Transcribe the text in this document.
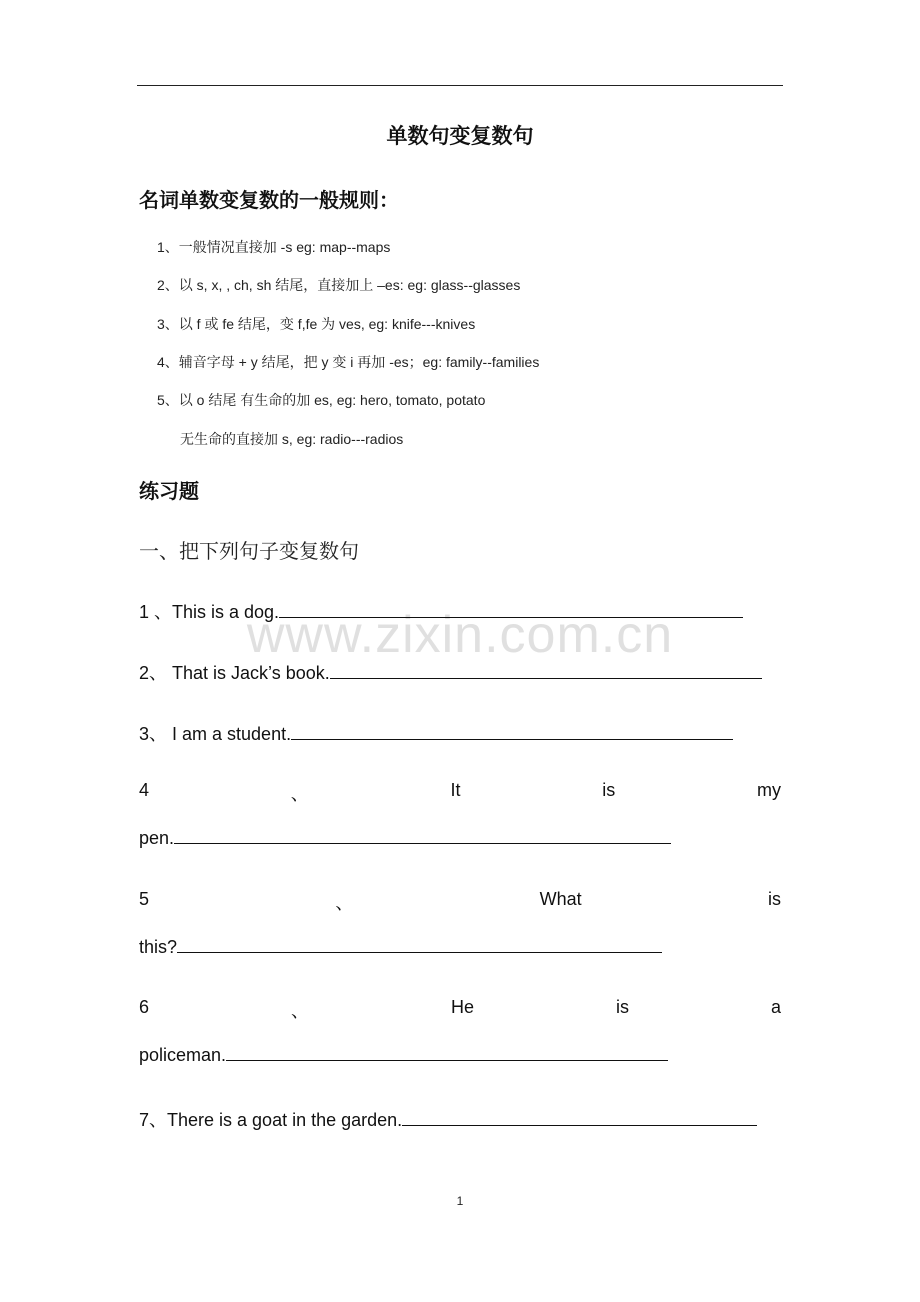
单数句变复数句
名词单数变复数的一般规则：
1、一般情况直接加 -s eg: map--maps
2、以 s, x, , ch, sh 结尾，直接加上 –es: eg: glass--glasses
3、以 f 或 fe 结尾，变 f,fe 为 ves, eg: knife---knives
4、辅音字母 + y 结尾，把 y 变 i 再加 -es；eg: family--families
5、以 o 结尾 有生命的加 es, eg: hero, tomato, potato
无生命的直接加 s, eg: radio---radios
练习题
一、把下列句子变复数句
www.zixin.com.cn
1 、This is a dog.
2、 That is Jack’s book.
3、 I am a student.
4	、	It	is	my
pen.
5	、	What	is
this?
6	、	He	is	a
policeman.
7、There is a goat in the garden.
1
